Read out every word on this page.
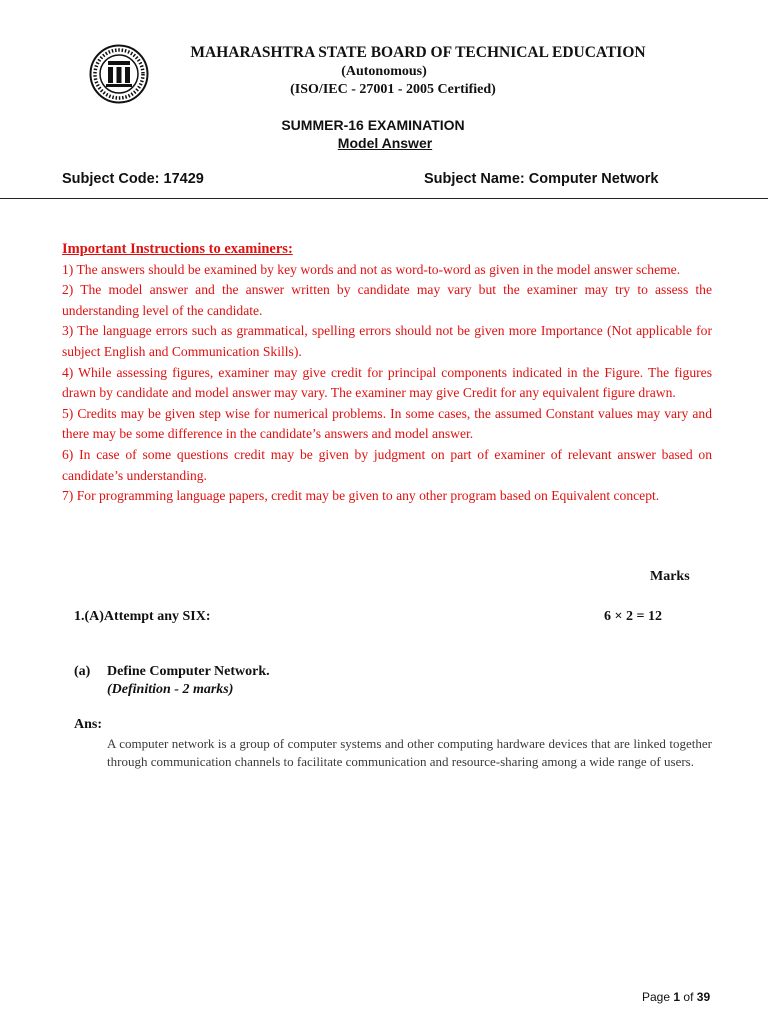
MAHARASHTRA STATE BOARD OF TECHNICAL EDUCATION
(Autonomous)
(ISO/IEC - 27001 - 2005 Certified)
SUMMER-16 EXAMINATION
Model Answer
Subject Code: 17429	Subject Name: Computer Network
Important Instructions to examiners:

1) The answers should be examined by key words and not as word-to-word as given in the model answer scheme.

2) The model answer and the answer written by candidate may vary but the examiner may try to assess the understanding level of the candidate.

3) The language errors such as grammatical, spelling errors should not be given more Importance (Not applicable for subject English and Communication Skills).

4) While assessing figures, examiner may give credit for principal components indicated in the Figure. The figures drawn by candidate and model answer may vary. The examiner may give Credit for any equivalent figure drawn.

5) Credits may be given step wise for numerical problems. In some cases, the assumed Constant values may vary and there may be some difference in the candidate’s answers and model answer.

6) In case of some questions credit may be given by judgment on part of examiner of relevant answer based on candidate’s understanding.

7) For programming language papers, credit may be given to any other program based on Equivalent concept.

Marks
1.(A)Attempt any SIX:	6 × 2 = 12
(a) Define Computer Network.
(Definition - 2 marks)
Ans:
A computer network is a group of computer systems and other computing hardware devices that are linked together through communication channels to facilitate communication and resource-sharing among a wide range of users.
Page 1 of 39
